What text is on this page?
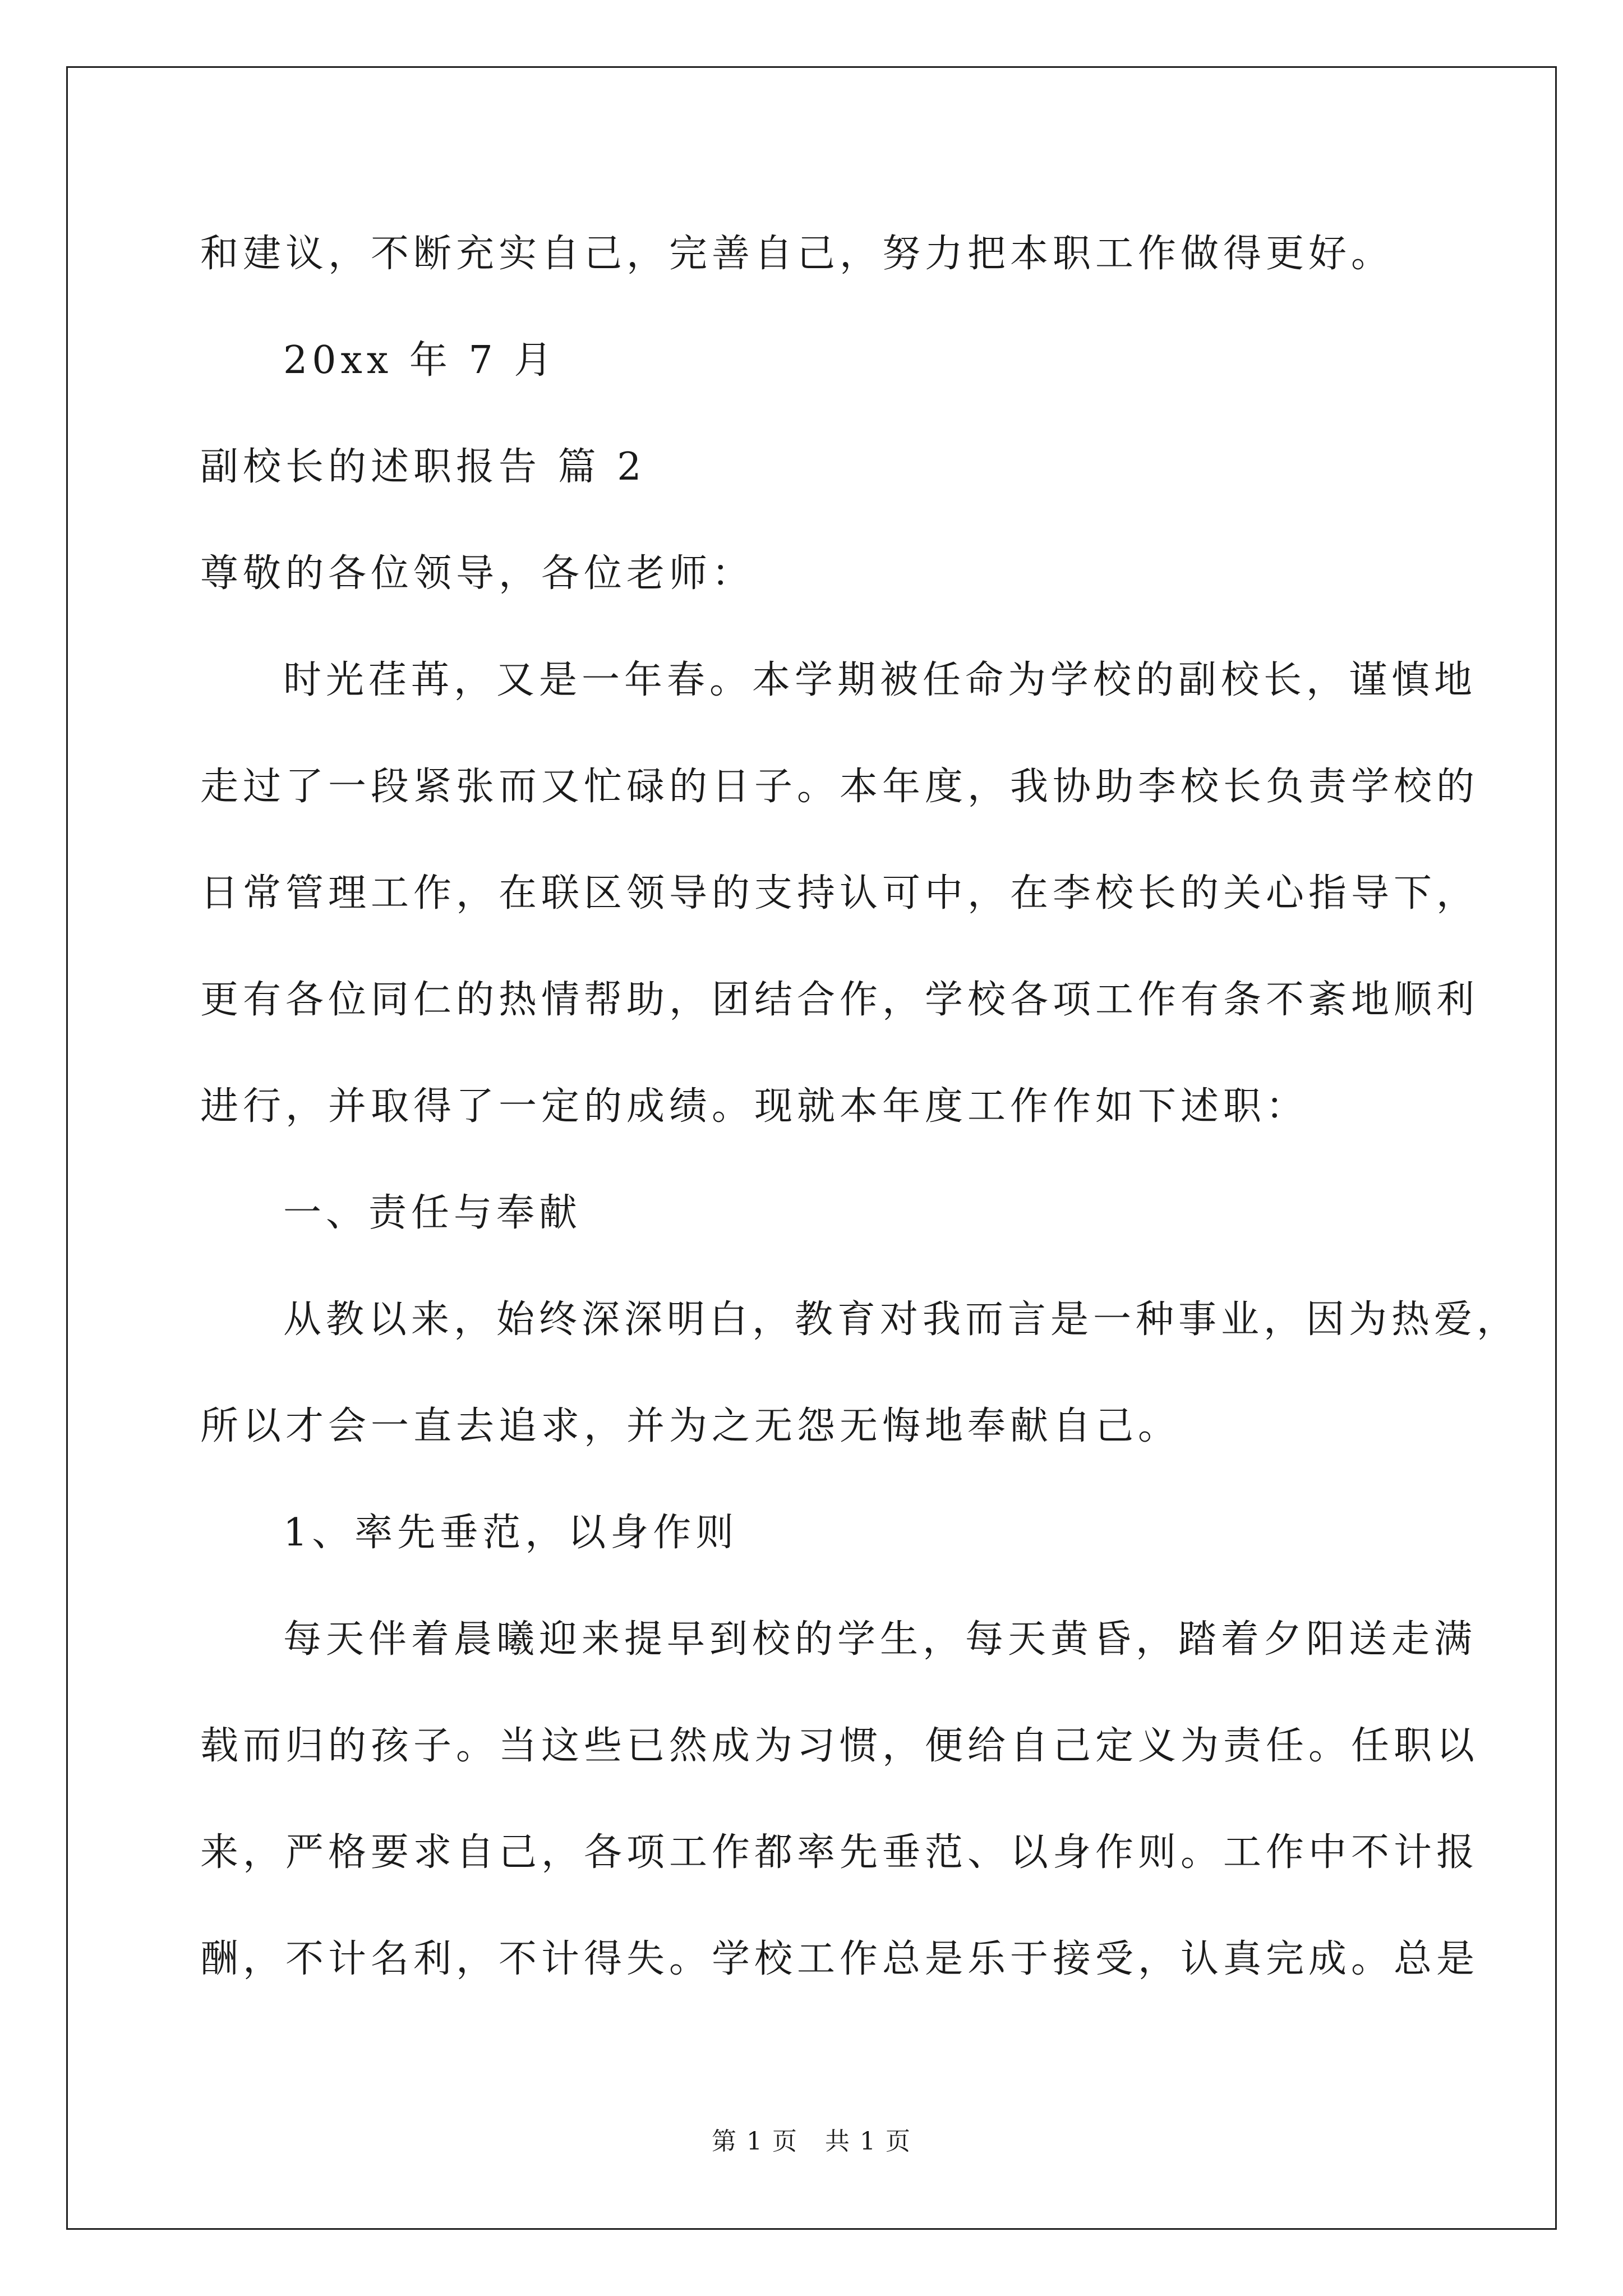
和建议，不断充实自己，完善自己，努力把本职工作做得更好。
20xx 年 7 月
副校长的述职报告 篇 2
尊敬的各位领导，各位老师：
时光荏苒，又是一年春。本学期被任命为学校的副校长，谨慎地
走过了一段紧张而又忙碌的日子。本年度，我协助李校长负责学校的
日常管理工作，在联区领导的支持认可中，在李校长的关心指导下，
更有各位同仁的热情帮助，团结合作，学校各项工作有条不紊地顺利
进行，并取得了一定的成绩。现就本年度工作作如下述职：
一、责任与奉献
从教以来，始终深深明白，教育对我而言是一种事业，因为热爱，
所以才会一直去追求，并为之无怨无悔地奉献自己。
1、率先垂范，以身作则
每天伴着晨曦迎来提早到校的学生，每天黄昏，踏着夕阳送走满
载而归的孩子。当这些已然成为习惯，便给自己定义为责任。任职以
来，严格要求自己，各项工作都率先垂范、以身作则。工作中不计报
酬，不计名利，不计得失。学校工作总是乐于接受，认真完成。总是
第 1 页   共 1 页
